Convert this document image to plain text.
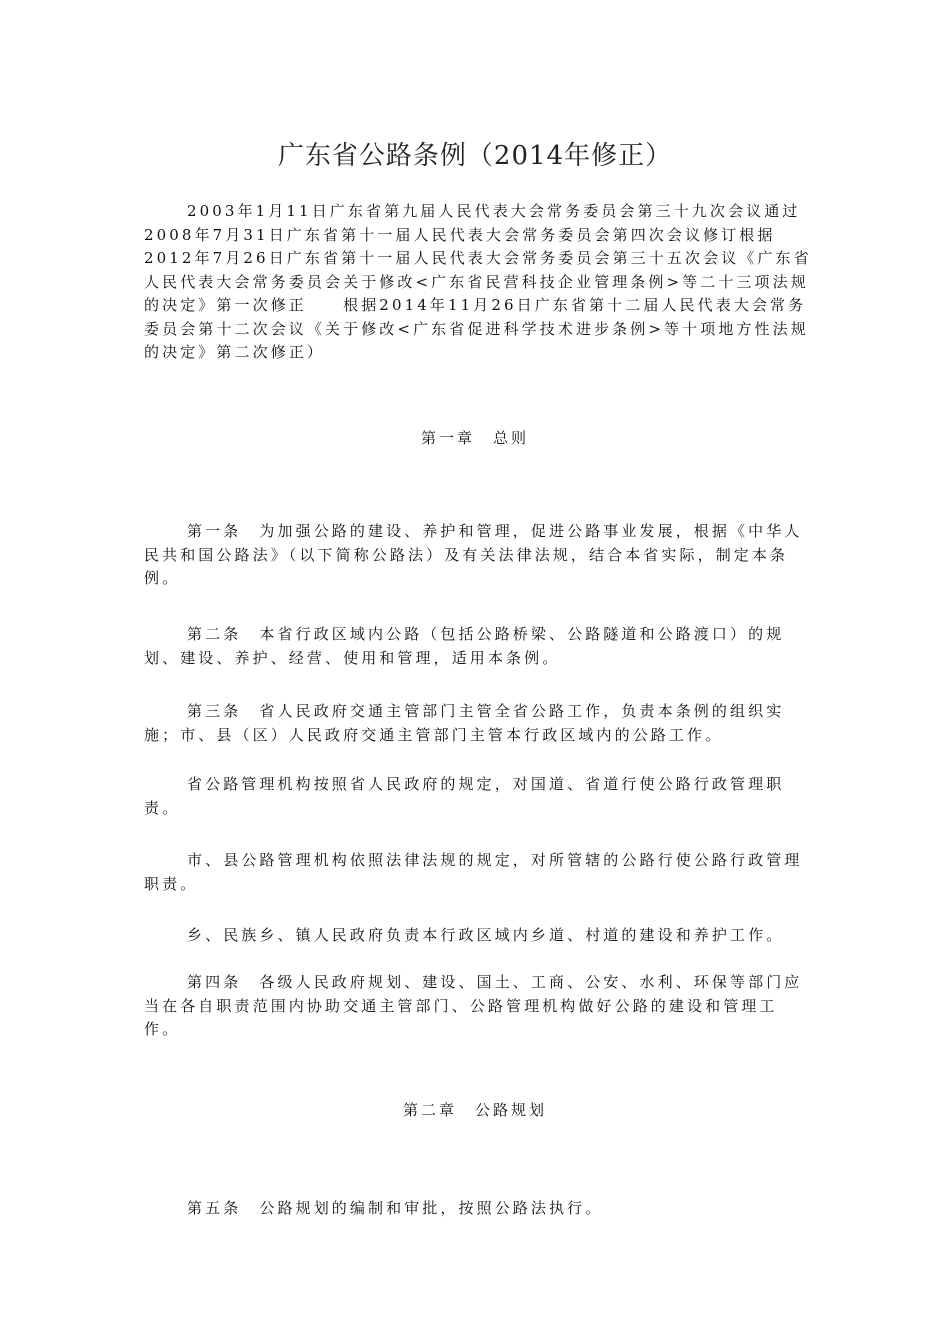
广东省公路条例（2014年修正）

2003年1月11日广东省第九届人民代表大会常务委员会第三十九次会议通过　2008年7月31日广东省第十一届人民代表大会常务委员会第四次会议修订根据2012年7月26日广东省第十一届人民代表大会常务委员会第三十五次会议《广东省人民代表大会常务委员会关于修改<广东省民营科技企业管理条例>等二十三项法规的决定》第一次修正　　根据2014年11月26日广东省第十二届人民代表大会常务委员会第十二次会议《关于修改<广东省促进科学技术进步条例>等十项地方性法规的决定》第二次修正）

第一章　总则

第一条　为加强公路的建设、养护和管理，促进公路事业发展，根据《中华人民共和国公路法》（以下简称公路法）及有关法律法规，结合本省实际，制定本条例。

第二条　本省行政区域内公路（包括公路桥梁、公路隧道和公路渡口）的规划、建设、养护、经营、使用和管理，适用本条例。

第三条　省人民政府交通主管部门主管全省公路工作，负责本条例的组织实施；市、县（区）人民政府交通主管部门主管本行政区域内的公路工作。

省公路管理机构按照省人民政府的规定，对国道、省道行使公路行政管理职责。

市、县公路管理机构依照法律法规的规定，对所管辖的公路行使公路行政管理职责。

乡、民族乡、镇人民政府负责本行政区域内乡道、村道的建设和养护工作。

第四条　各级人民政府规划、建设、国土、工商、公安、水利、环保等部门应当在各自职责范围内协助交通主管部门、公路管理机构做好公路的建设和管理工作。

第二章　公路规划

第五条　公路规划的编制和审批，按照公路法执行。
